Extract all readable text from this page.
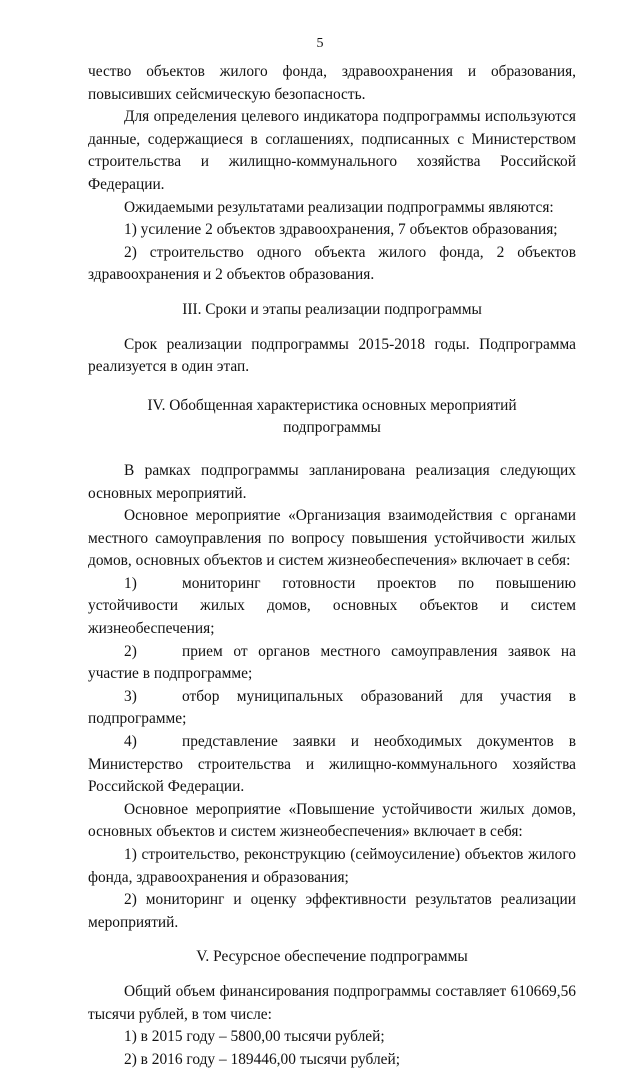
5

чество объектов жилого фонда, здравоохранения и образования, повысивших сейсмическую безопасность.

Для определения целевого индикатора подпрограммы используются данные, содержащиеся в соглашениях, подписанных с Министерством строительства и жилищно-коммунального хозяйства Российской Федерации.

Ожидаемыми результатами реализации подпрограммы являются:

1) усиление 2 объектов здравоохранения, 7 объектов образования;

2) строительство одного объекта жилого фонда, 2 объектов здравоохранения и 2 объектов образования.

III. Сроки и этапы реализации подпрограммы

Срок реализации подпрограммы 2015-2018 годы. Подпрограмма реализуется в один этап.

IV. Обобщенная характеристика основных мероприятий
подпрограммы

В рамках подпрограммы запланирована реализация следующих основных мероприятий.

Основное мероприятие «Организация взаимодействия с органами местного самоуправления по вопросу повышения устойчивости жилых домов, основных объектов и систем жизнеобеспечения» включает в себя:

1)	мониторинг готовности проектов по повышению устойчивости жилых домов, основных объектов и систем жизнеобеспечения;

2)	прием от органов местного самоуправления заявок на участие в подпрограмме;

3)	отбор муниципальных образований для участия в подпрограмме;

4)	представление заявки и необходимых документов в Министерство строительства и жилищно-коммунального хозяйства Российской Федерации.

Основное мероприятие «Повышение устойчивости жилых домов, основных объектов и систем жизнеобеспечения» включает в себя:

1) строительство, реконструкцию (сеймоусиление) объектов жилого фонда, здравоохранения и образования;

2) мониторинг и оценку эффективности результатов реализации мероприятий.

V. Ресурсное обеспечение подпрограммы

Общий объем финансирования подпрограммы составляет 610669,56 тысячи рублей, в том числе:

1) в 2015 году – 5800,00 тысячи рублей;

2) в 2016 году – 189446,00 тысячи рублей;
